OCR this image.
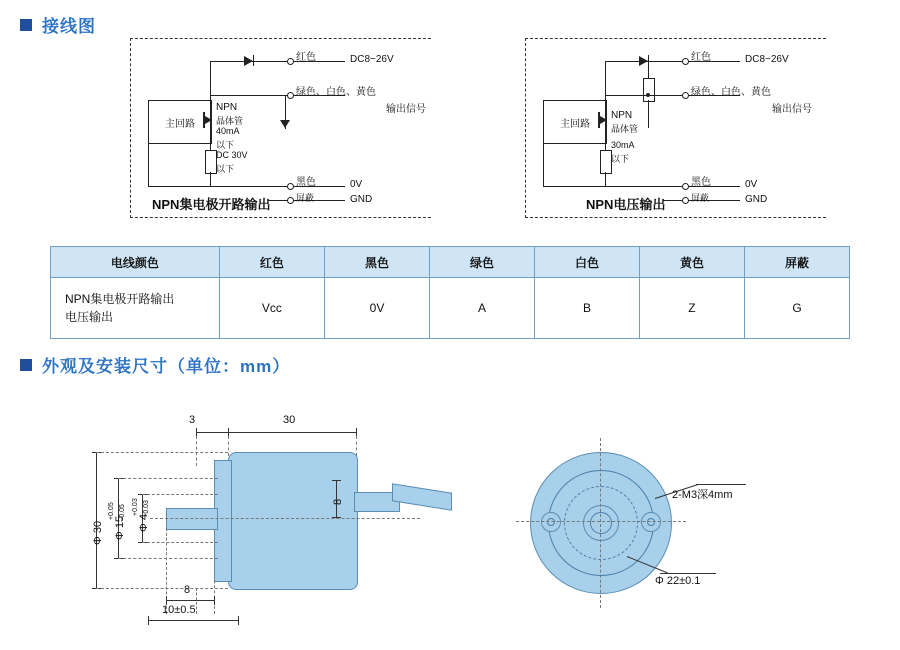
接线图
主回路
红色	DC8~26V
绿色、白色、黄色
输出信号
黑色	0V
屏蔽	GND
NPN
晶体管
40mA
以下
DC 30V
以下
NPN集电极开路输出
主回路
红色	DC8~26V
绿色、白色、黄色
输出信号
黑色	0V
屏蔽	GND
NPN
晶体管
30mA
以下
NPN电压输出
电线颜色	红色	黑色	绿色	白色	黄色	屏蔽

NPN集电极开路输出
电压输出	Vcc	0V	A	B	Z	G
外观及安装尺寸（单位：mm）
3	30
Φ 30 Φ 15
+0.05 -0.05
Φ 4
+0.03 -0.03	8
8
10±0.5
2-M3深4mm
Φ 22±0.1
